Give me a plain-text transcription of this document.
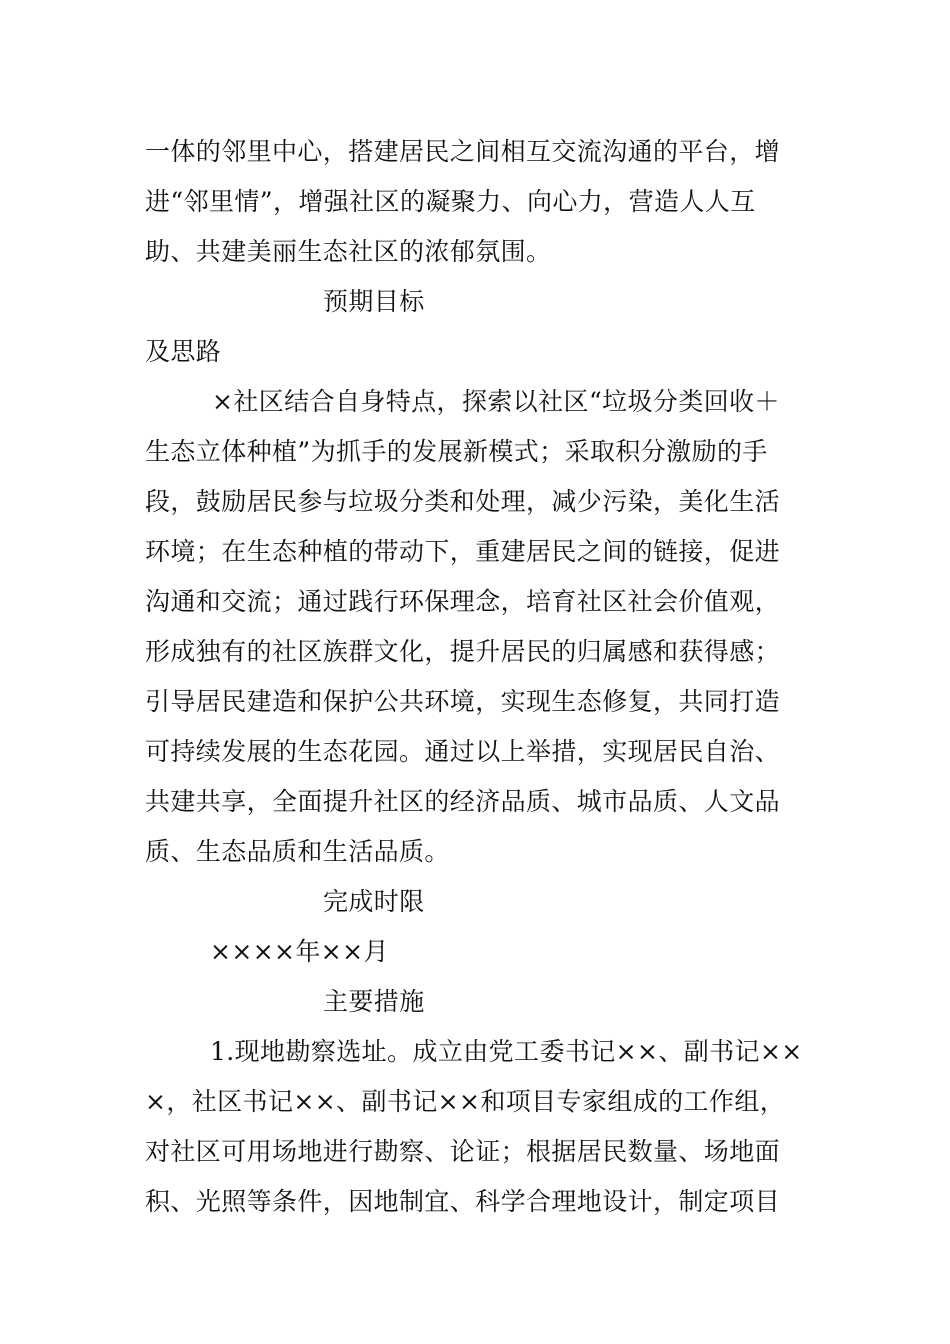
一体的邻里中心，搭建居民之间相互交流沟通的平台，增
进“邻里情”，增强社区的凝聚力、向心力，营造人人互
助、共建美丽生态社区的浓郁氛围。
预期目标
及思路
×社区结合自身特点，探索以社区“垃圾分类回收＋
生态立体种植”为抓手的发展新模式；采取积分激励的手
段，鼓励居民参与垃圾分类和处理，减少污染，美化生活
环境；在生态种植的带动下，重建居民之间的链接，促进
沟通和交流；通过践行环保理念，培育社区社会价值观，
形成独有的社区族群文化，提升居民的归属感和获得感；
引导居民建造和保护公共环境，实现生态修复，共同打造
可持续发展的生态花园。通过以上举措，实现居民自治、
共建共享，全面提升社区的经济品质、城市品质、人文品
质、生态品质和生活品质。
完成时限
××××年××月
主要措施
1.现地勘察选址。成立由党工委书记××、副书记××
×，社区书记××、副书记××和项目专家组成的工作组，
对社区可用场地进行勘察、论证；根据居民数量、场地面
积、光照等条件，因地制宜、科学合理地设计，制定项目
